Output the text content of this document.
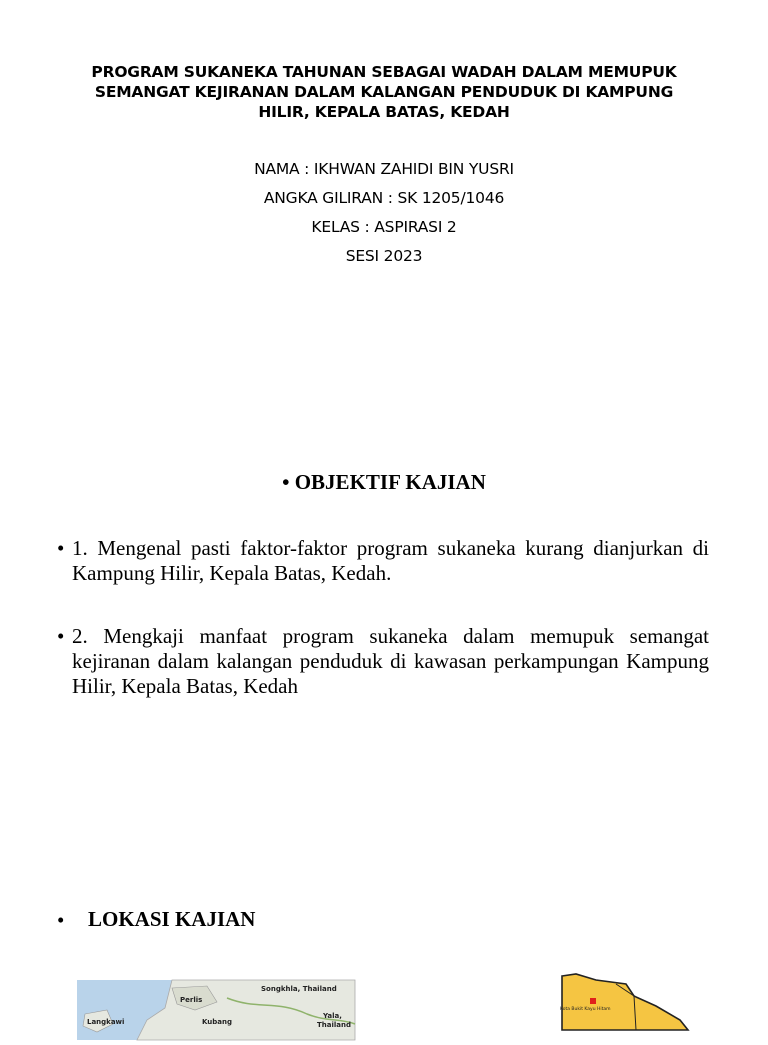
PROGRAM SUKANEKA TAHUNAN SEBAGAI WADAH DALAM MEMUPUK SEMANGAT KEJIRANAN DALAM KALANGAN PENDUDUK DI KAMPUNG HILIR, KEPALA BATAS, KEDAH
NAMA : IKHWAN ZAHIDI BIN YUSRI
ANGKA GILIRAN : SK 1205/1046
KELAS : ASPIRASI 2
SESI 2023
• OBJEKTIF KAJIAN
• 1. Mengenal pasti faktor-faktor program sukaneka kurang dianjurkan di Kampung Hilir, Kepala Batas, Kedah.
• 2. Mengkaji manfaat program sukaneka dalam memupuk semangat kejiranan dalam kalangan penduduk di kawasan perkampungan Kampung Hilir, Kepala Batas, Kedah
• LOKASI KAJIAN
Perlis
Songkhla, Thailand
Langkawi	Kubang
Yala,
Thailand
Kota Bukit Kayu Hitam
